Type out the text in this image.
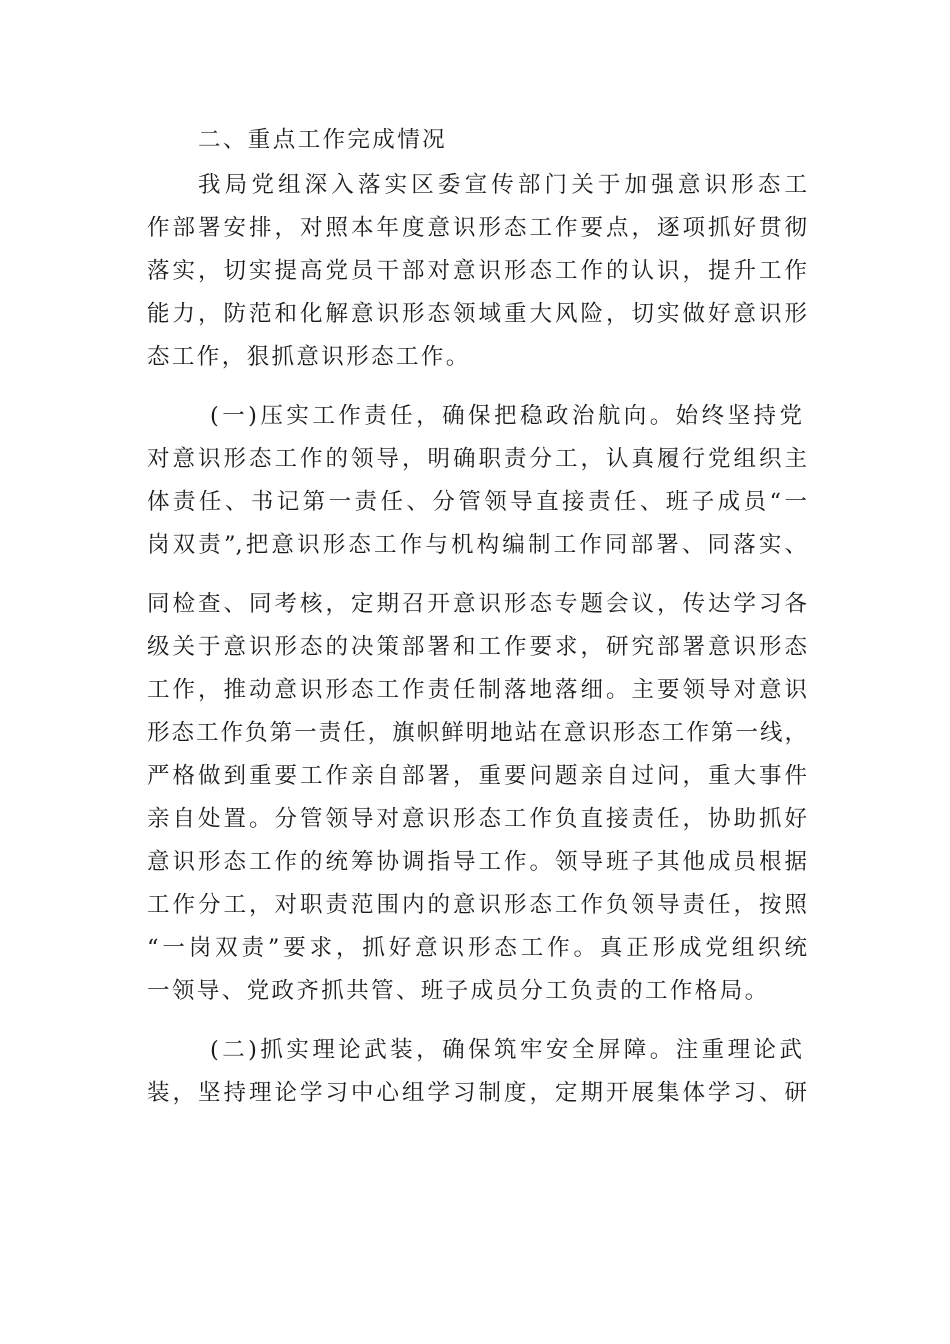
二、重点工作完成情况
我局党组深入落实区委宣传部门关于加强意识形态工
作部署安排，对照本年度意识形态工作要点，逐项抓好贯彻
落实，切实提高党员干部对意识形态工作的认识，提升工作
能力，防范和化解意识形态领域重大风险，切实做好意识形
态工作，狠抓意识形态工作。
(一)压实工作责任，确保把稳政治航向。始终坚持党
对意识形态工作的领导，明确职责分工，认真履行党组织主
体责任、书记第一责任、分管领导直接责任、班子成员“一
岗双责”,把意识形态工作与机构编制工作同部署、同落实、
同检查、同考核，定期召开意识形态专题会议，传达学习各
级关于意识形态的决策部署和工作要求，研究部署意识形态
工作，推动意识形态工作责任制落地落细。主要领导对意识
形态工作负第一责任，旗帜鲜明地站在意识形态工作第一线，
严格做到重要工作亲自部署，重要问题亲自过问，重大事件
亲自处置。分管领导对意识形态工作负直接责任，协助抓好
意识形态工作的统筹协调指导工作。领导班子其他成员根据
工作分工，对职责范围内的意识形态工作负领导责任，按照
“一岗双责”要求，抓好意识形态工作。真正形成党组织统
一领导、党政齐抓共管、班子成员分工负责的工作格局。
(二)抓实理论武装，确保筑牢安全屏障。注重理论武
装，坚持理论学习中心组学习制度，定期开展集体学习、研
